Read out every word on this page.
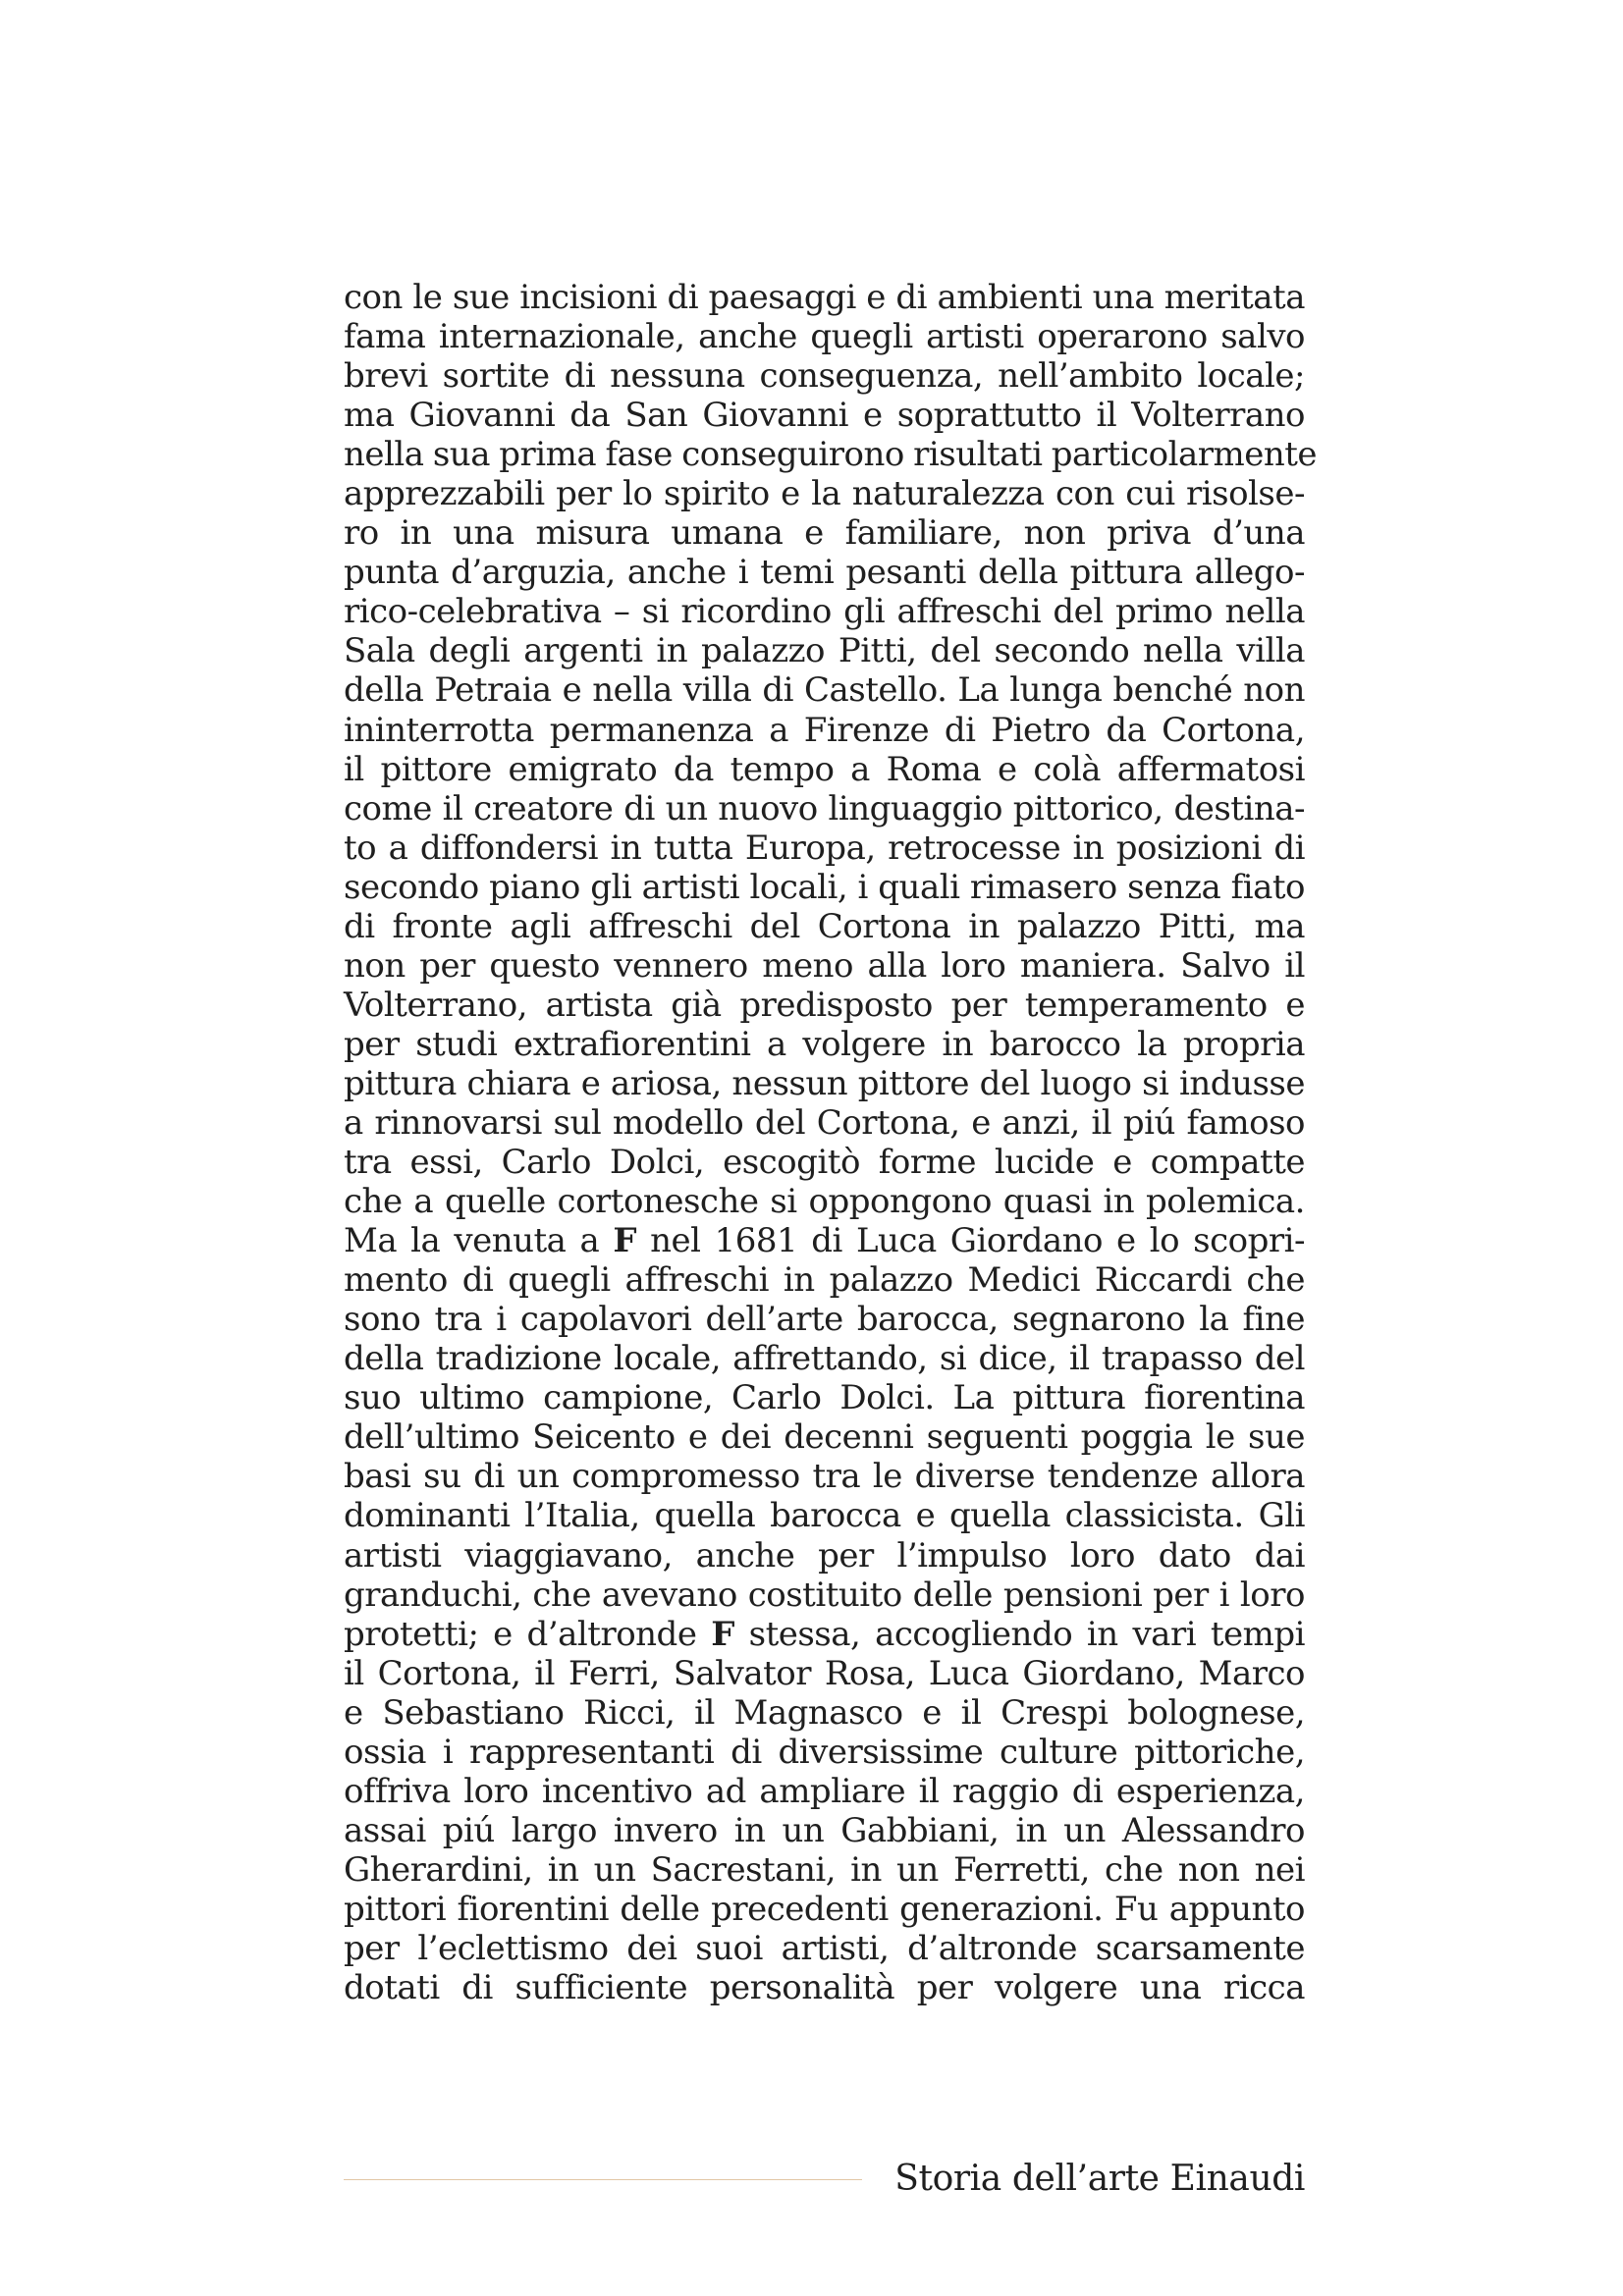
con le sue incisioni di paesaggi e di ambienti una meritata
fama internazionale, anche quegli artisti operarono salvo
brevi sortite di nessuna conseguenza, nell’ambito locale;
ma Giovanni da San Giovanni e soprattutto il Volterrano
nella sua prima fase conseguirono risultati particolarmente
apprezzabili per lo spirito e la naturalezza con cui risolse-
ro in una misura umana e familiare, non priva d’una
punta d’arguzia, anche i temi pesanti della pittura allego-
rico-celebrativa – si ricordino gli affreschi del primo nella
Sala degli argenti in palazzo Pitti, del secondo nella villa
della Petraia e nella villa di Castello. La lunga benché non
ininterrotta permanenza a Firenze di Pietro da Cortona,
il pittore emigrato da tempo a Roma e colà affermatosi
come il creatore di un nuovo linguaggio pittorico, destina-
to a diffondersi in tutta Europa, retrocesse in posizioni di
secondo piano gli artisti locali, i quali rimasero senza fiato
di fronte agli affreschi del Cortona in palazzo Pitti, ma
non per questo vennero meno alla loro maniera. Salvo il
Volterrano, artista già predisposto per temperamento e
per studi extrafiorentini a volgere in barocco la propria
pittura chiara e ariosa, nessun pittore del luogo si indusse
a rinnovarsi sul modello del Cortona, e anzi, il piú famoso
tra essi, Carlo Dolci, escogitò forme lucide e compatte
che a quelle cortonesche si oppongono quasi in polemica.
Ma la venuta a F nel 1681 di Luca Giordano e lo scopri-
mento di quegli affreschi in palazzo Medici Riccardi che
sono tra i capolavori dell’arte barocca, segnarono la fine
della tradizione locale, affrettando, si dice, il trapasso del
suo ultimo campione, Carlo Dolci. La pittura fiorentina
dell’ultimo Seicento e dei decenni seguenti poggia le sue
basi su di un compromesso tra le diverse tendenze allora
dominanti l’Italia, quella barocca e quella classicista. Gli
artisti viaggiavano, anche per l’impulso loro dato dai
granduchi, che avevano costituito delle pensioni per i loro
protetti; e d’altronde F stessa, accogliendo in vari tempi
il Cortona, il Ferri, Salvator Rosa, Luca Giordano, Marco
e Sebastiano Ricci, il Magnasco e il Crespi bolognese,
ossia i rappresentanti di diversissime culture pittoriche,
offriva loro incentivo ad ampliare il raggio di esperienza,
assai piú largo invero in un Gabbiani, in un Alessandro
Gherardini, in un Sacrestani, in un Ferretti, che non nei
pittori fiorentini delle precedenti generazioni. Fu appunto
per l’eclettismo dei suoi artisti, d’altronde scarsamente
dotati di sufficiente personalità per volgere una ricca
Storia dell’arte Einaudi
